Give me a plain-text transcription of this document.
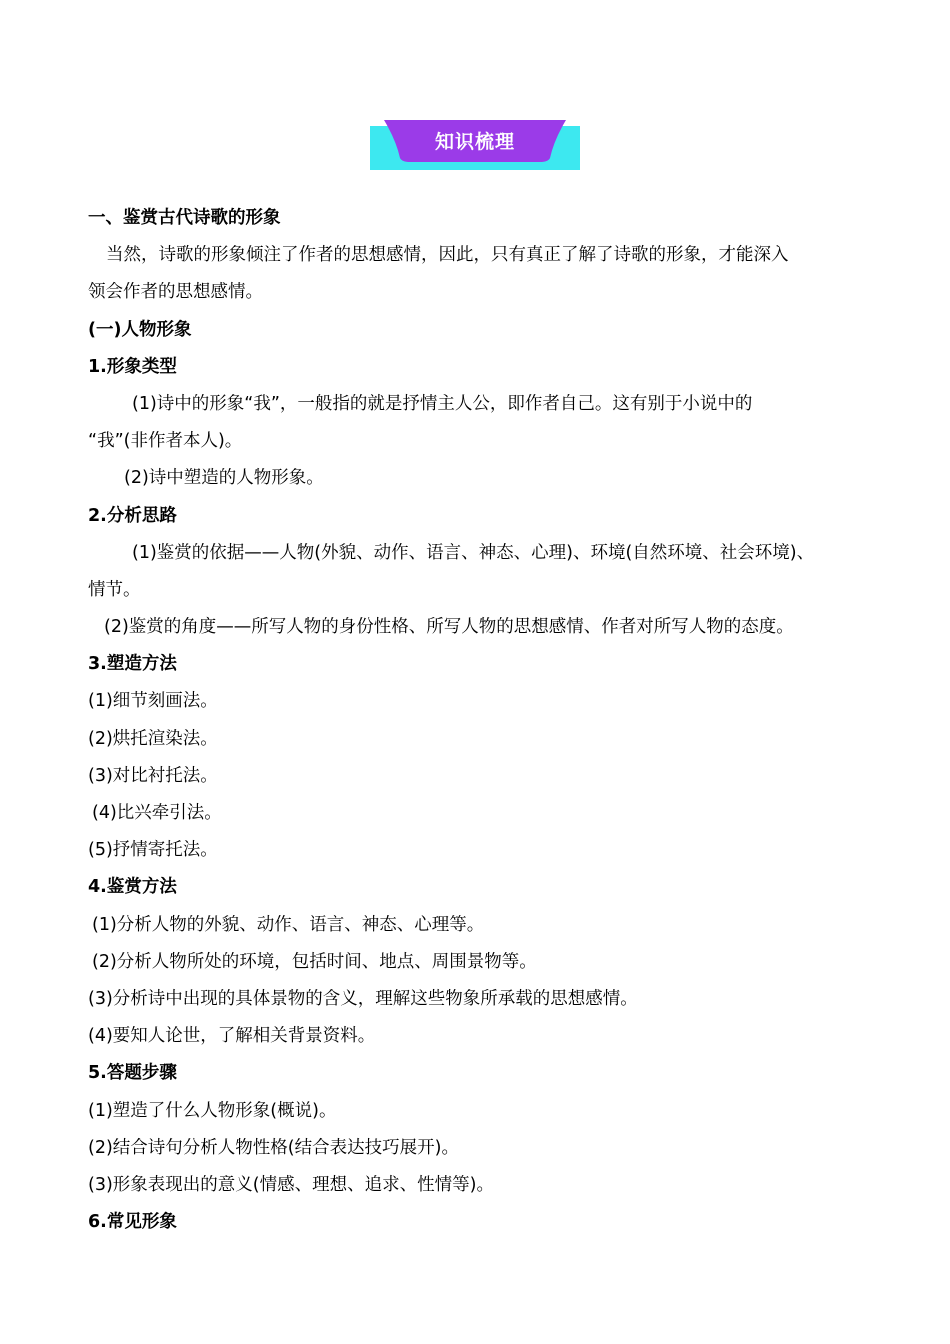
知识梳理
一、鉴赏古代诗歌的形象
当然，诗歌的形象倾注了作者的思想感情，因此，只有真正了解了诗歌的形象，才能深入
领会作者的思想感情。
(一)人物形象
1.形象类型
(1)诗中的形象“我”，一般指的就是抒情主人公，即作者自己。这有别于小说中的
“我”(非作者本人)。
(2)诗中塑造的人物形象。
2.分析思路
(1)鉴赏的依据——人物(外貌、动作、语言、神态、心理)、环境(自然环境、社会环境)、
情节。
(2)鉴赏的角度——所写人物的身份性格、所写人物的思想感情、作者对所写人物的态度。
3.塑造方法
(1)细节刻画法。
(2)烘托渲染法。
(3)对比衬托法。
(4)比兴牵引法。
(5)抒情寄托法。
4.鉴赏方法
(1)分析人物的外貌、动作、语言、神态、心理等。
(2)分析人物所处的环境，包括时间、地点、周围景物等。
(3)分析诗中出现的具体景物的含义，理解这些物象所承载的思想感情。
(4)要知人论世，了解相关背景资料。
5.答题步骤
(1)塑造了什么人物形象(概说)。
(2)结合诗句分析人物性格(结合表达技巧展开)。
(3)形象表现出的意义(情感、理想、追求、性情等)。
6.常见形象
